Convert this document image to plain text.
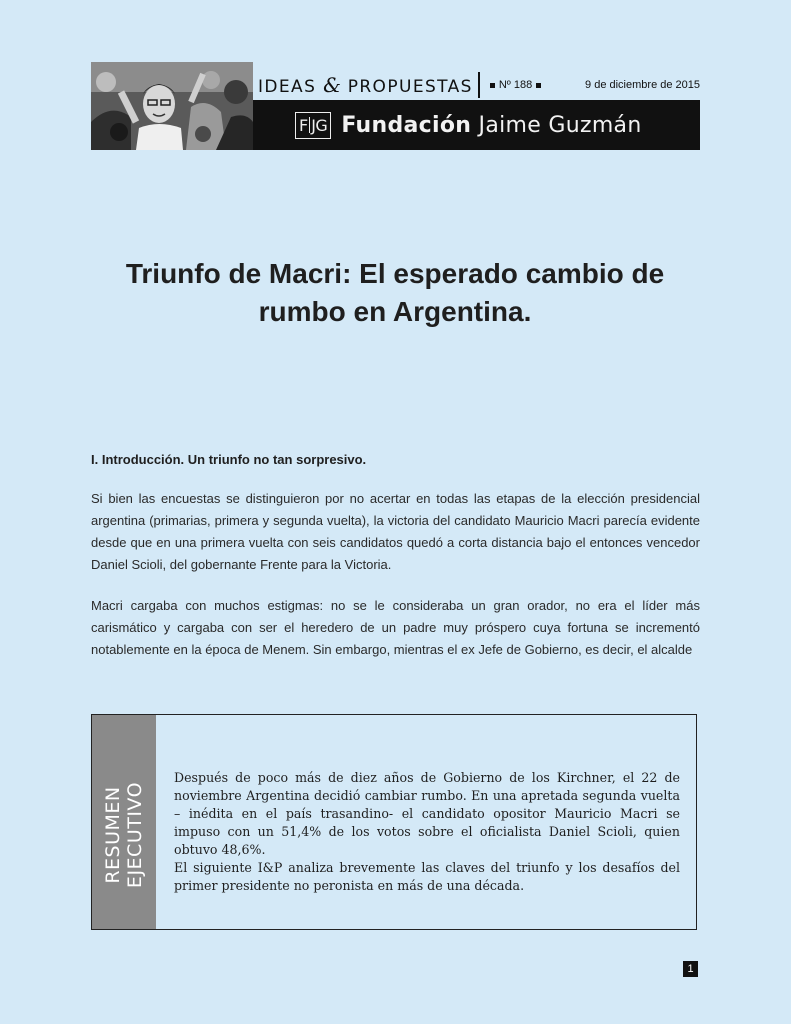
IDEAS & PROPUESTAS Nº 188	9 de diciembre de 2015
F JG Fundación Jaime Guzmán
Triunfo de Macri: El esperado cambio de
rumbo en Argentina.
I. Introducción. Un triunfo no tan sorpresivo.

Si bien las encuestas se distinguieron por no acertar en todas las etapas de la elección presidencial argentina (primarias, primera y segunda vuelta), la victoria del candidato Mauricio Macri parecía evidente desde que en una primera vuelta con seis candidatos quedó a corta distancia bajo el entonces vencedor Daniel Scioli, del gobernante Frente para la Victoria.

Macri cargaba con muchos estigmas: no se le consideraba un gran orador, no era el líder más carismático y cargaba con ser el heredero de un padre muy próspero cuya fortuna se incrementó notablemente en la época de Menem. Sin embargo, mientras el ex Jefe de Gobierno, es decir, el alcalde

RESUMEN
EJECUTIVO

Después de poco más de diez años de Gobierno de los Kirchner, el 22 de noviembre Argentina decidió cambiar rumbo. En una apretada segunda vuelta – inédita en el país trasandino- el candidato opositor Mauricio Macri se impuso con un 51,4% de los votos sobre el oficialista Daniel Scioli, quien obtuvo 48,6%.

El siguiente I&P analiza brevemente las claves del triunfo y los desafíos del primer presidente no peronista en más de una década.

1
